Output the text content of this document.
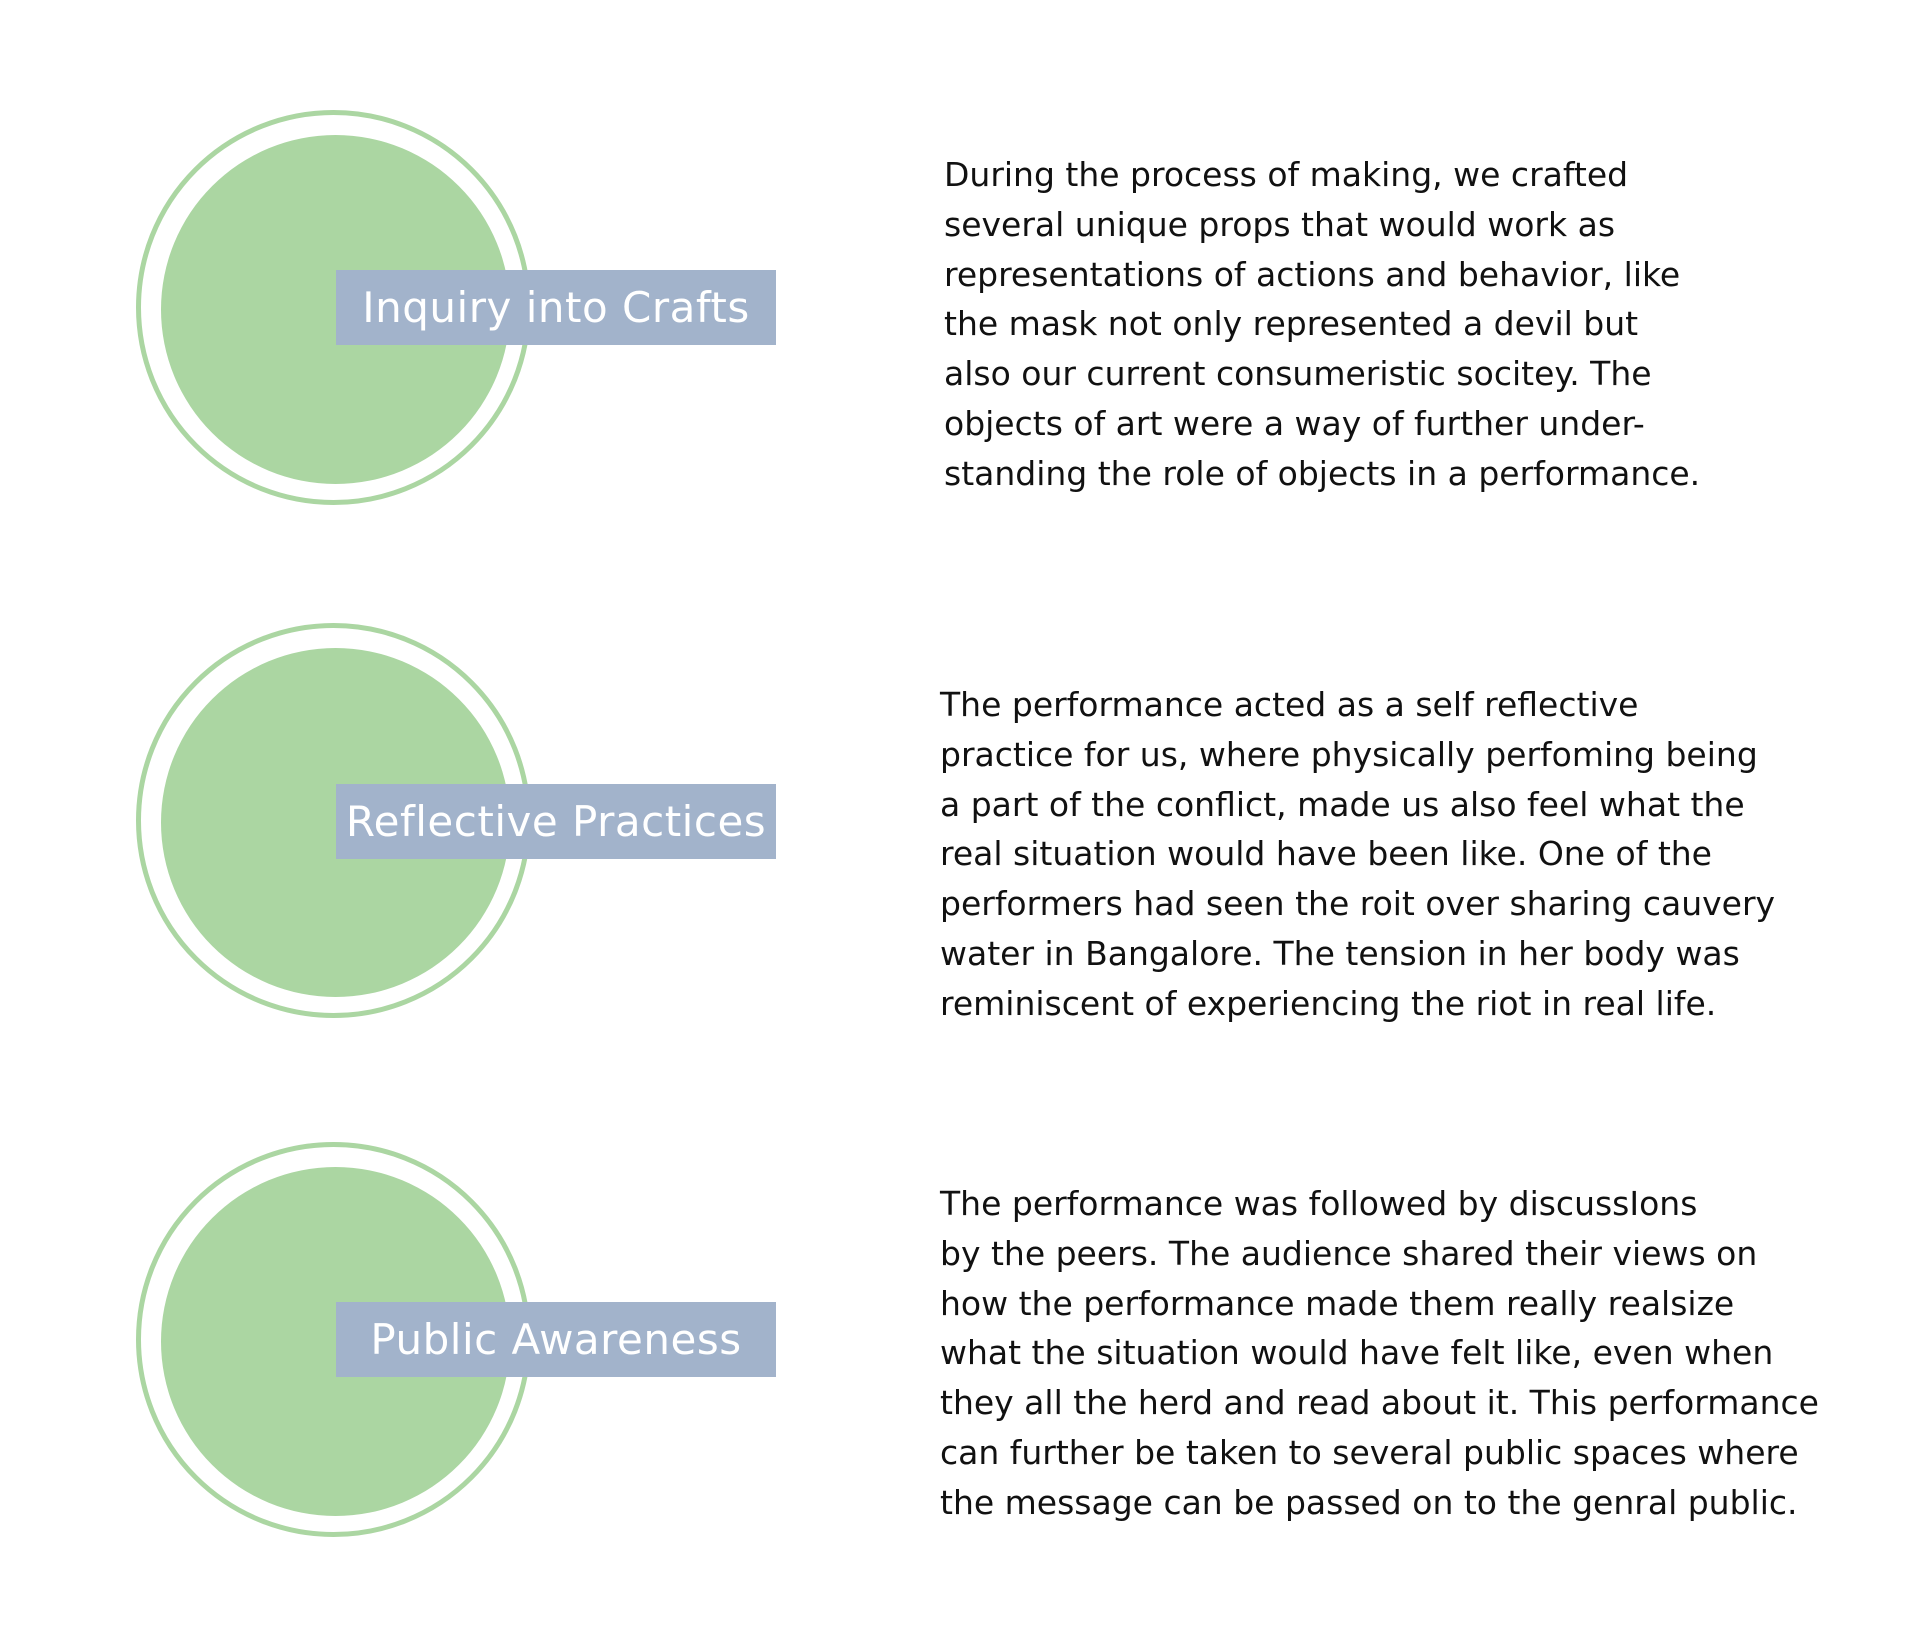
Inquiry into Crafts

During the process of making, we crafted
several unique props that would work as
representations of actions and behavior, like
the mask not only represented a devil but
also our current consumeristic socitey. The
objects of art were a way of further under-
standing the role of objects in a performance.

Reflective Practices

The performance acted as a self reflective
practice for us, where physically perfoming being
a part of the conflict, made us also feel what the
real situation would have been like. One of the
performers had seen the roit over sharing cauvery
water in Bangalore. The tension in her body was
reminiscent of experiencing the riot in real life.

Public Awareness

The performance was followed by discussIons
by the peers. The audience shared their views on
how the performance made them really realsize
what the situation would have felt like, even when
they all the herd and read about it. This performance
can further be taken to several public spaces where
the message can be passed on to the genral public.
